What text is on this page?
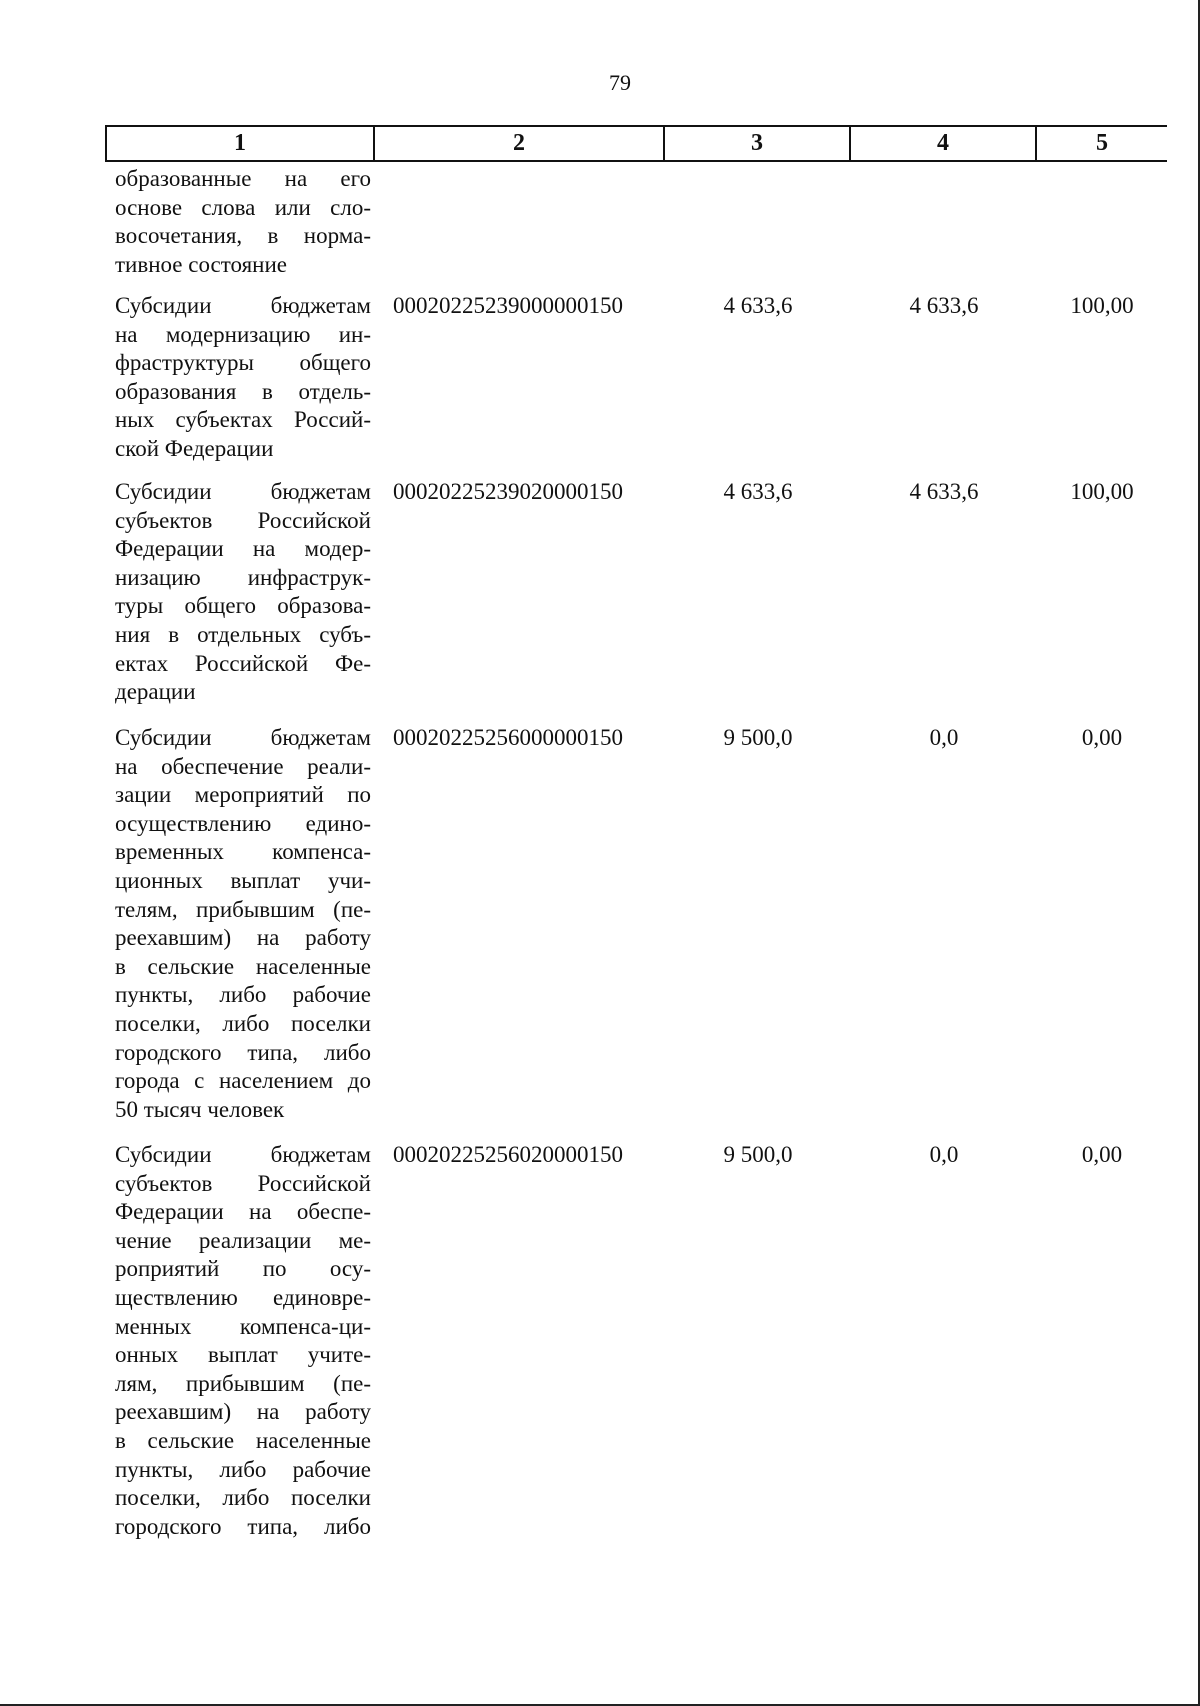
79
1	2	3	4	5
образованные на его
основе слова или сло-
восочетания, в норма-
тивное состояние
Субсидии бюджетам
на модернизацию ин-
фраструктуры общего
образования в отдель-
ных субъектах Россий-
ской Федерации
00020225239000000150	4 633,6	4 633,6	100,00
Субсидии бюджетам
субъектов Российской
Федерации на модер-
низацию инфраструк-
туры общего образова-
ния в отдельных субъ-
ектах Российской Фе-
дерации
00020225239020000150	4 633,6	4 633,6	100,00
Субсидии бюджетам
на обеспечение реали-
зации мероприятий по
осуществлению едино-
временных компенса-
ционных выплат учи-
телям, прибывшим (пе-
реехавшим) на работу
в сельские населенные
пункты, либо рабочие
поселки, либо поселки
городского типа, либо
города с населением до
50 тысяч человек
00020225256000000150	9 500,0	0,0	0,00
Субсидии бюджетам
субъектов Российской
Федерации на обеспе-
чение реализации ме-
роприятий по осу-
ществлению единовре-
менных компенса-ци-
онных выплат учите-
лям, прибывшим (пе-
реехавшим) на работу
в сельские населенные
пункты, либо рабочие
поселки, либо поселки
городского типа, либо
00020225256020000150	9 500,0	0,0	0,00
